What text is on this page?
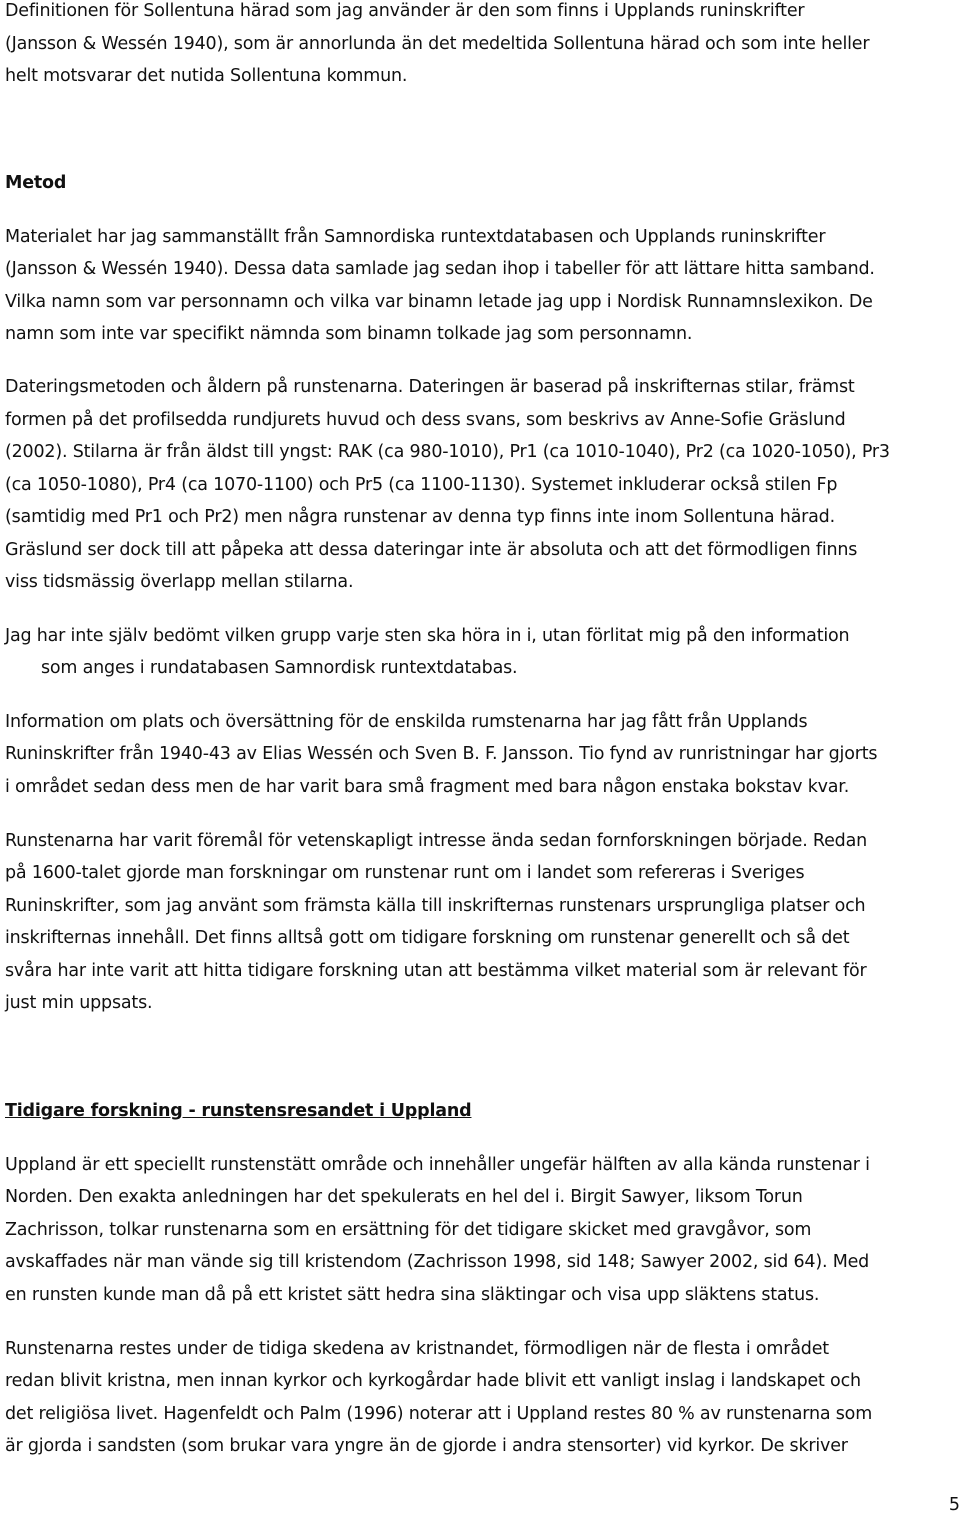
Definitionen för Sollentuna härad som jag använder är den som finns i Upplands runinskrifter
(Jansson & Wessén 1940), som är annorlunda än det medeltida Sollentuna härad och som inte heller
helt motsvarar det nutida Sollentuna kommun.
Metod
Materialet har jag sammanställt från Samnordiska runtextdatabasen och Upplands runinskrifter
(Jansson & Wessén 1940). Dessa data samlade jag sedan ihop i tabeller för att lättare hitta samband.
Vilka namn som var personnamn och vilka var binamn letade jag upp i Nordisk Runnamnslexikon. De
namn som inte var specifikt nämnda som binamn tolkade jag som personnamn.
Dateringsmetoden och åldern på runstenarna. Dateringen är baserad på inskrifternas stilar, främst
formen på det profilsedda rundjurets huvud och dess svans, som beskrivs av Anne-Sofie Gräslund
(2002). Stilarna är från äldst till yngst: RAK (ca 980-1010), Pr1 (ca 1010-1040), Pr2 (ca 1020-1050), Pr3
(ca 1050-1080), Pr4 (ca 1070-1100) och Pr5 (ca 1100-1130). Systemet inkluderar också stilen Fp
(samtidig med Pr1 och Pr2) men några runstenar av denna typ finns inte inom Sollentuna härad.
Gräslund ser dock till att påpeka att dessa dateringar inte är absoluta och att det förmodligen finns
viss tidsmässig överlapp mellan stilarna.
Jag har inte själv bedömt vilken grupp varje sten ska höra in i, utan förlitat mig på den information
som anges i rundatabasen Samnordisk runtextdatabas.
Information om plats och översättning för de enskilda rumstenarna har jag fått från Upplands
Runinskrifter från 1940-43 av Elias Wessén och Sven B. F. Jansson. Tio fynd av runristningar har gjorts
i området sedan dess men de har varit bara små fragment med bara någon enstaka bokstav kvar.
Runstenarna har varit föremål för vetenskapligt intresse ända sedan fornforskningen började. Redan
på 1600-talet gjorde man forskningar om runstenar runt om i landet som refereras i Sveriges
Runinskrifter, som jag använt som främsta källa till inskrifternas runstenars ursprungliga platser och
inskrifternas innehåll. Det finns alltså gott om tidigare forskning om runstenar generellt och så det
svåra har inte varit att hitta tidigare forskning utan att bestämma vilket material som är relevant för
just min uppsats.
Tidigare forskning - runstensresandet i Uppland
Uppland är ett speciellt runstenstätt område och innehåller ungefär hälften av alla kända runstenar i
Norden. Den exakta anledningen har det spekulerats en hel del i. Birgit Sawyer, liksom Torun
Zachrisson, tolkar runstenarna som en ersättning för det tidigare skicket med gravgåvor, som
avskaffades när man vände sig till kristendom (Zachrisson 1998, sid 148; Sawyer 2002, sid 64). Med
en runsten kunde man då på ett kristet sätt hedra sina släktingar och visa upp släktens status.
Runstenarna restes under de tidiga skedena av kristnandet, förmodligen när de flesta i området
redan blivit kristna, men innan kyrkor och kyrkogårdar hade blivit ett vanligt inslag i landskapet och
det religiösa livet. Hagenfeldt och Palm (1996) noterar att i Uppland restes 80 % av runstenarna som
är gjorda i sandsten (som brukar vara yngre än de gjorde i andra stensorter) vid kyrkor. De skriver
5
